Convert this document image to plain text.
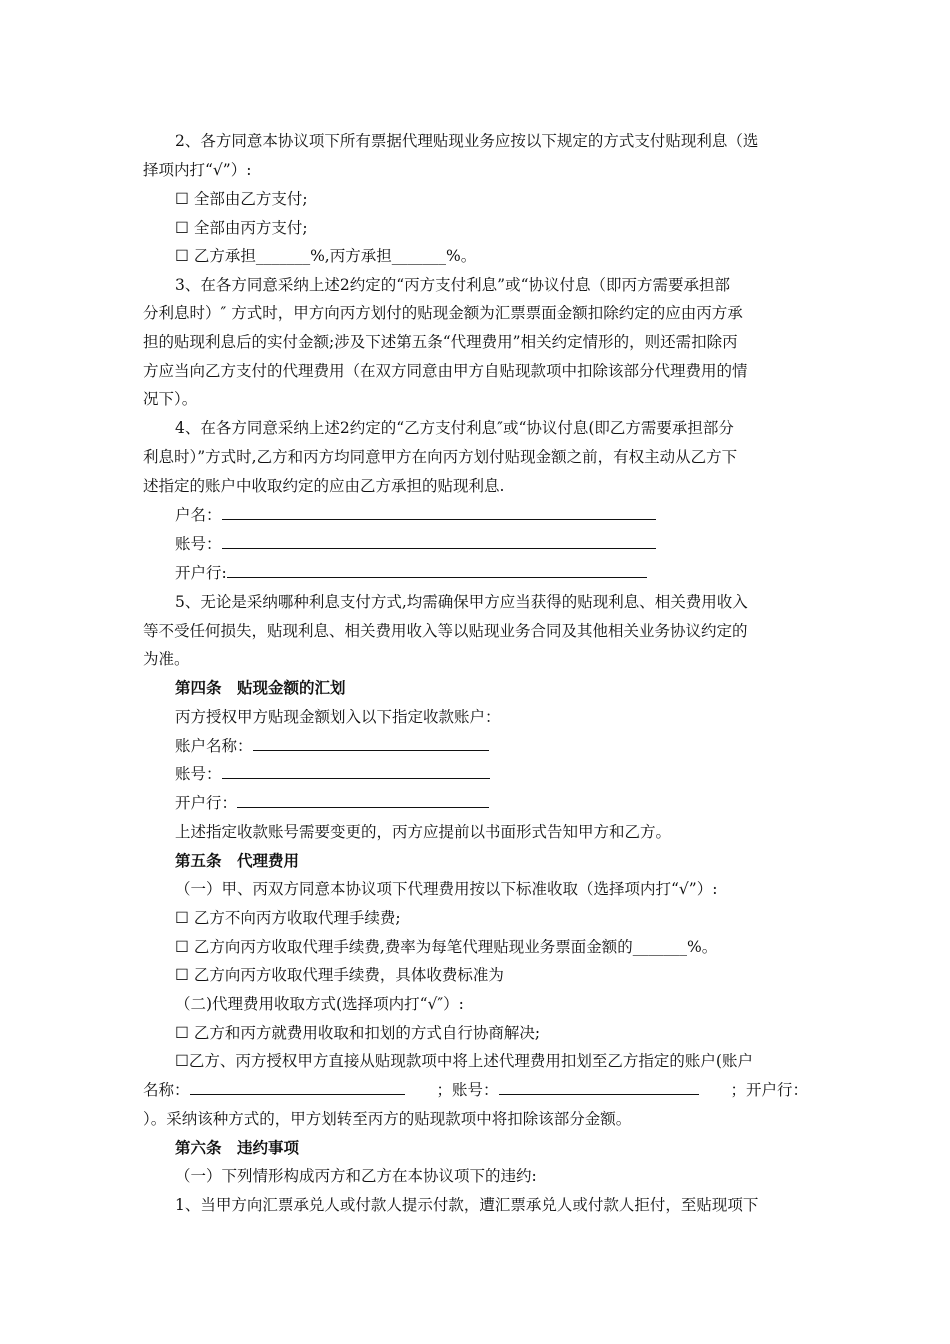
2、各方同意本协议项下所有票据代理贴现业务应按以下规定的方式支付贴现利息（选
择项内打“√”）:
☐ 全部由乙方支付;
☐ 全部由丙方支付;
☐ 乙方承担_______%,丙方承担_______%。
3、在各方同意采纳上述2约定的“丙方支付利息”或“协议付息（即丙方需要承担部
分利息时）″ 方式时，甲方向丙方划付的贴现金额为汇票票面金额扣除约定的应由丙方承
担的贴现利息后的实付金额;涉及下述第五条“代理费用”相关约定情形的，则还需扣除丙
方应当向乙方支付的代理费用（在双方同意由甲方自贴现款项中扣除该部分代理费用的情
况下）。
4、在各方同意采纳上述2约定的“乙方支付利息″或“协议付息(即乙方需要承担部分
利息时）”方式时,乙方和丙方均同意甲方在向丙方划付贴现金额之前，有权主动从乙方下
述指定的账户中收取约定的应由乙方承担的贴现利息.
户名：
账号：
开户行:
5、无论是采纳哪种利息支付方式,均需确保甲方应当获得的贴现利息、相关费用收入
等不受任何损失，贴现利息、相关费用收入等以贴现业务合同及其他相关业务协议约定的
为准。
第四条　贴现金额的汇划
丙方授权甲方贴现金额划入以下指定收款账户：
账户名称：
账号：
开户行：
上述指定收款账号需要变更的，丙方应提前以书面形式告知甲方和乙方。
第五条　代理费用
（一）甲、丙双方同意本协议项下代理费用按以下标准收取（选择项内打“√”）:
☐ 乙方不向丙方收取代理手续费;
☐ 乙方向丙方收取代理手续费,费率为每笔代理贴现业务票面金额的_______%。
☐ 乙方向丙方收取代理手续费，具体收费标准为
（二)代理费用收取方式(选择项内打“√″）:
☐ 乙方和丙方就费用收取和扣划的方式自行协商解决;
☐乙方、丙方授权甲方直接从贴现款项中将上述代理费用扣划至乙方指定的账户(账户
名称：	；账号：	；开户行：
）。采纳该种方式的，甲方划转至丙方的贴现款项中将扣除该部分金额。
第六条　违约事项
（一）下列情形构成丙方和乙方在本协议项下的违约:
1、当甲方向汇票承兑人或付款人提示付款，遭汇票承兑人或付款人拒付，至贴现项下
